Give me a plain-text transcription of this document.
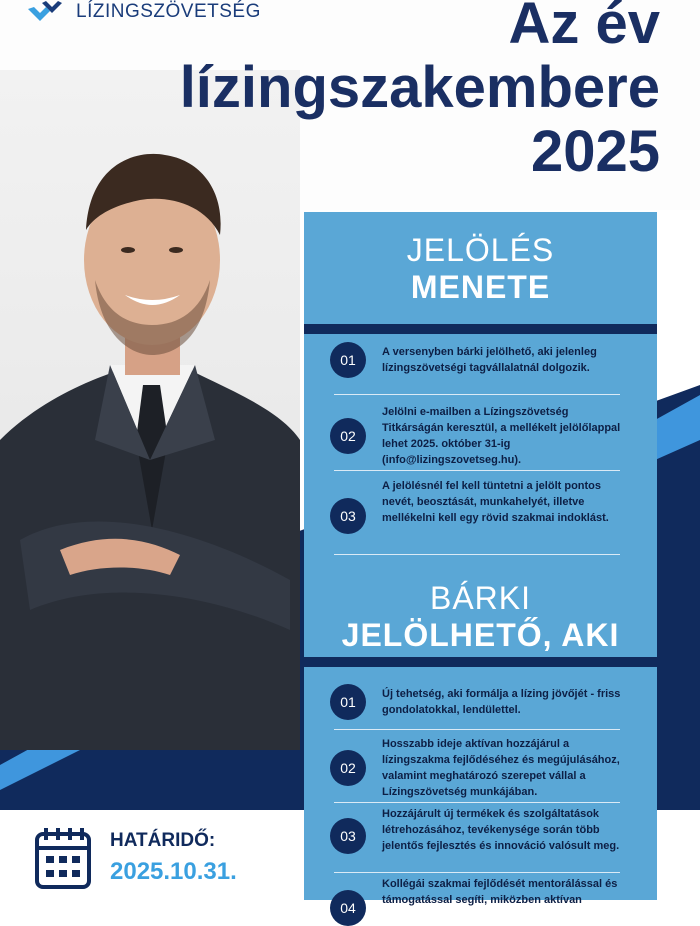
LÍZINGSZÖVETSÉG	Az év
lízingszakembere
2025
JELÖLÉS
MENETE
01	A versenyben bárki jelölhető, aki jelenleg lízingszövetségi tagvállalatnál dolgozik.
02
Jelölni e-mailben a Lízingszövetség Titkárságán keresztül, a mellékelt jelölőlappal lehet 2025. október 31-ig (info@lizingszovetseg.hu).
03
A jelölésnél fel kell tüntetni a jelölt pontos nevét, beosztását, munkahelyét, illetve mellékelni kell egy rövid szakmai indoklást.
BÁRKI
JELÖLHETŐ, AKI
01	Új tehetség, aki formálja a lízing jövőjét - friss gondolatokkal, lendülettel.
02
Hosszabb ideje aktívan hozzájárul a lízingszakma fejlődéséhez és megújulásához, valamint meghatározó szerepet vállal a Lízingszövetség munkájában.
03
Hozzájárult új termékek és szolgáltatások létrehozásához, tevékenysége során több jelentős fejlesztés és innováció valósult meg.
04
Kollégái szakmai fejlődését mentorálással és támogatással segíti, miközben aktívan
HATÁRIDŐ:
2025.10.31.
